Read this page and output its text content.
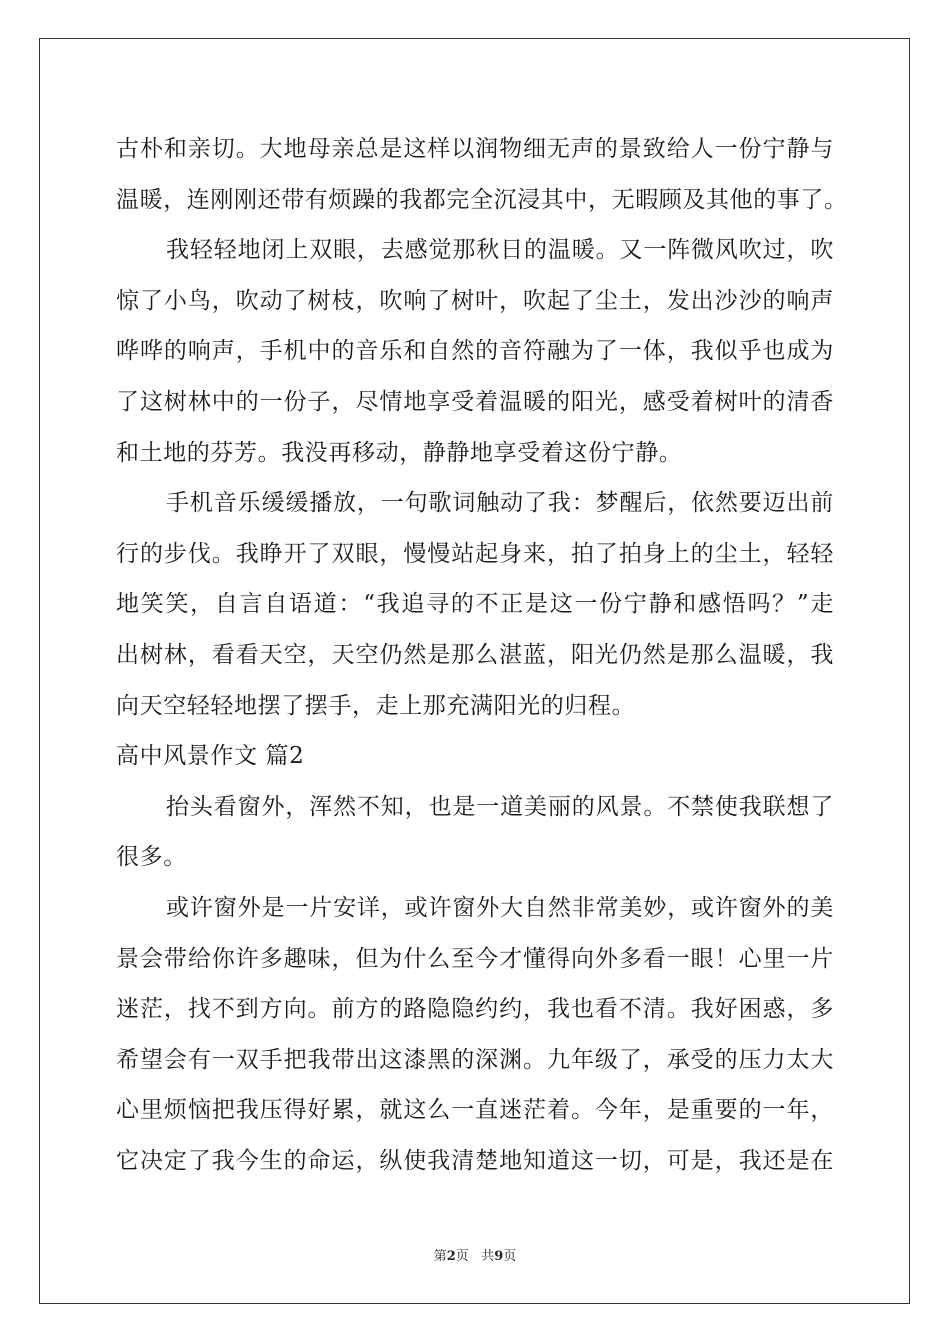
古朴和亲切。大地母亲总是这样以润物细无声的景致给人一份宁静与
温暖，连刚刚还带有烦躁的我都完全沉浸其中，无暇顾及其他的事了。
我轻轻地闭上双眼，去感觉那秋日的温暖。又一阵微风吹过，吹
惊了小鸟，吹动了树枝，吹响了树叶，吹起了尘土，发出沙沙的响声
哗哗的响声，手机中的音乐和自然的音符融为了一体，我似乎也成为
了这树林中的一份子，尽情地享受着温暖的阳光，感受着树叶的清香
和土地的芬芳。我没再移动，静静地享受着这份宁静。
手机音乐缓缓播放，一句歌词触动了我：梦醒后，依然要迈出前
行的步伐。我睁开了双眼，慢慢站起身来，拍了拍身上的尘土，轻轻
地笑笑，自言自语道：“我追寻的不正是这一份宁静和感悟吗？”走
出树林，看看天空，天空仍然是那么湛蓝，阳光仍然是那么温暖，我
向天空轻轻地摆了摆手，走上那充满阳光的归程。
高中风景作文 篇2
抬头看窗外，浑然不知，也是一道美丽的风景。不禁使我联想了
很多。
或许窗外是一片安详，或许窗外大自然非常美妙，或许窗外的美
景会带给你许多趣味，但为什么至今才懂得向外多看一眼！心里一片
迷茫，找不到方向。前方的路隐隐约约，我也看不清。我好困惑，多
希望会有一双手把我带出这漆黑的深渊。九年级了，承受的压力太大
心里烦恼把我压得好累，就这么一直迷茫着。今年，是重要的一年，
它决定了我今生的命运，纵使我清楚地知道这一切，可是，我还是在
第2页 共9页
